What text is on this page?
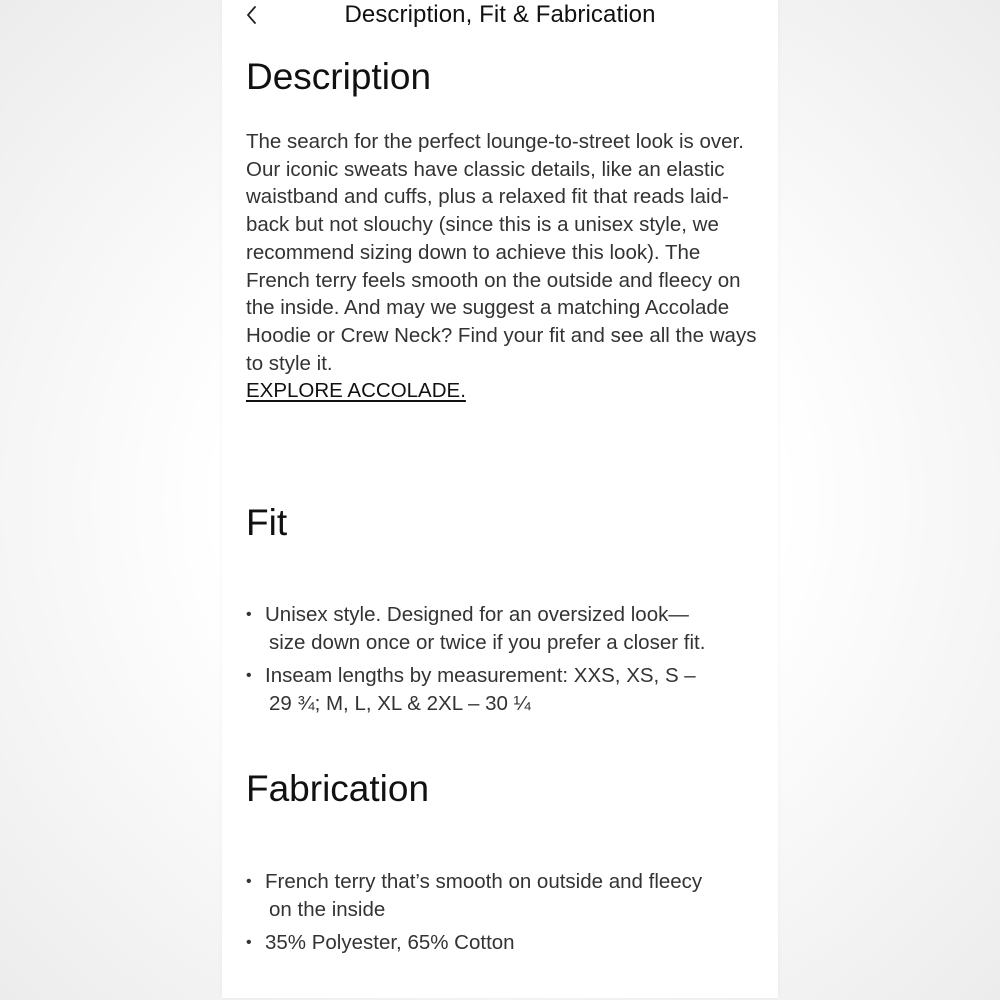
Description, Fit & Fabrication
Description
The search for the perfect lounge-to-street look is over. Our iconic sweats have classic details, like an elastic waistband and cuffs, plus a relaxed fit that reads laid-back but not slouchy (since this is a unisex style, we recommend sizing down to achieve this look). The French terry feels smooth on the outside and fleecy on the inside. And may we suggest a matching Accolade Hoodie or Crew Neck? Find your fit and see all the ways to style it.
EXPLORE ACCOLADE.
Fit
• Unisex style. Designed for an oversized look—
size down once or twice if you prefer a closer fit.
• Inseam lengths by measurement: XXS, XS, S –
29 ¾; M, L, XL & 2XL – 30 ¼
Fabrication
• French terry that’s smooth on outside and fleecy
on the inside
• 35% Polyester, 65% Cotton
